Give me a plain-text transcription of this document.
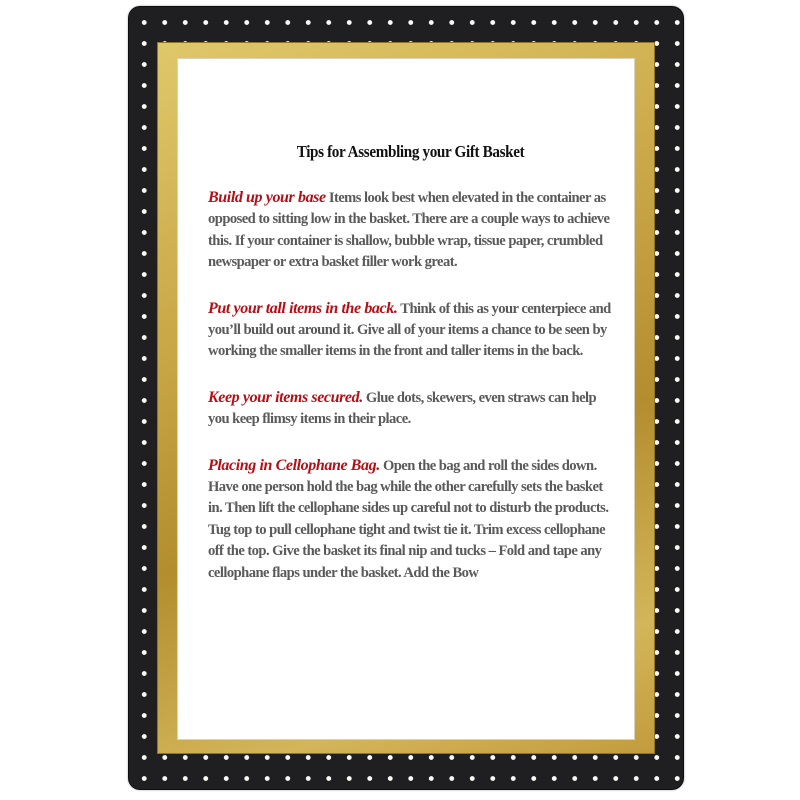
Tips for Assembling your Gift Basket

Build up your base Items look best when elevated in the container as opposed to sitting low in the basket. There are a couple ways to achieve this. If your container is shallow, bubble wrap, tissue paper, crumbled newspaper or extra basket filler work great.

Put your tall items in the back. Think of this as your centerpiece and you’ll build out around it. Give all of your items a chance to be seen by working the smaller items in the front and taller items in the back.

Keep your items secured. Glue dots, skewers, even straws can help you keep flimsy items in their place.

Placing in Cellophane Bag. Open the bag and roll the sides down. Have one person hold the bag while the other carefully sets the basket in. Then lift the cellophane sides up careful not to disturb the products. Tug top to pull cellophane tight and twist tie it. Trim excess cellophane off the top. Give the basket its final nip and tucks – Fold and tape any cellophane flaps under the basket. Add the Bow
